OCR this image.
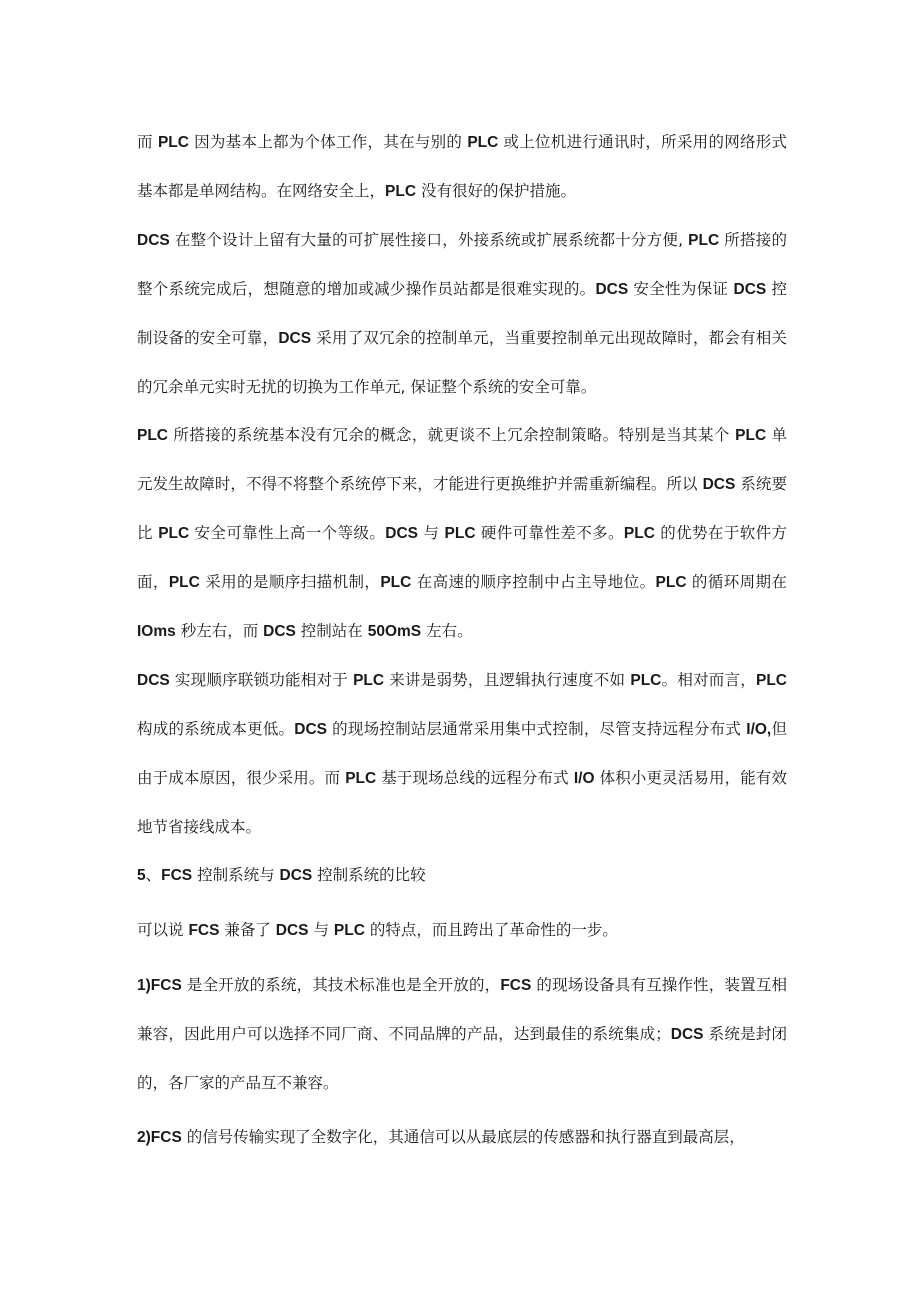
而 PLC 因为基本上都为个体工作，其在与别的 PLC 或上位机进行通讯时，所采用的网络形式基本都是单网结构。在网络安全上，PLC 没有很好的保护措施。

DCS 在整个设计上留有大量的可扩展性接口，外接系统或扩展系统都十分方便, PLC 所搭接的整个系统完成后，想随意的增加或减少操作员站都是很难实现的。DCS 安全性为保证 DCS 控制设备的安全可靠，DCS 采用了双冗余的控制单元，当重要控制单元出现故障时，都会有相关的冗余单元实时无扰的切换为工作单元, 保证整个系统的安全可靠。

PLC 所搭接的系统基本没有冗余的概念，就更谈不上冗余控制策略。特别是当其某个 PLC 单元发生故障时，不得不将整个系统停下来，才能进行更换维护并需重新编程。所以 DCS 系统要比 PLC 安全可靠性上高一个等级。DCS 与 PLC 硬件可靠性差不多。PLC 的优势在于软件方面，PLC 采用的是顺序扫描机制，PLC 在高速的顺序控制中占主导地位。PLC 的循环周期在 IOms 秒左右，而 DCS 控制站在 50OmS 左右。

DCS 实现顺序联锁功能相对于 PLC 来讲是弱势，且逻辑执行速度不如 PLC。相对而言，PLC 构成的系统成本更低。DCS 的现场控制站层通常采用集中式控制，尽管支持远程分布式 I/O,但由于成本原因，很少采用。而 PLC 基于现场总线的远程分布式 I/O 体积小更灵活易用，能有效地节省接线成本。

5、FCS 控制系统与 DCS 控制系统的比较

可以说 FCS 兼备了 DCS 与 PLC 的特点，而且跨出了革命性的一步。

1)FCS 是全开放的系统，其技术标准也是全开放的，FCS 的现场设备具有互操作性，装置互相兼容，因此用户可以选择不同厂商、不同品牌的产品，达到最佳的系统集成；DCS 系统是封闭的，各厂家的产品互不兼容。

2)FCS 的信号传输实现了全数字化，其通信可以从最底层的传感器和执行器直到最高层，
